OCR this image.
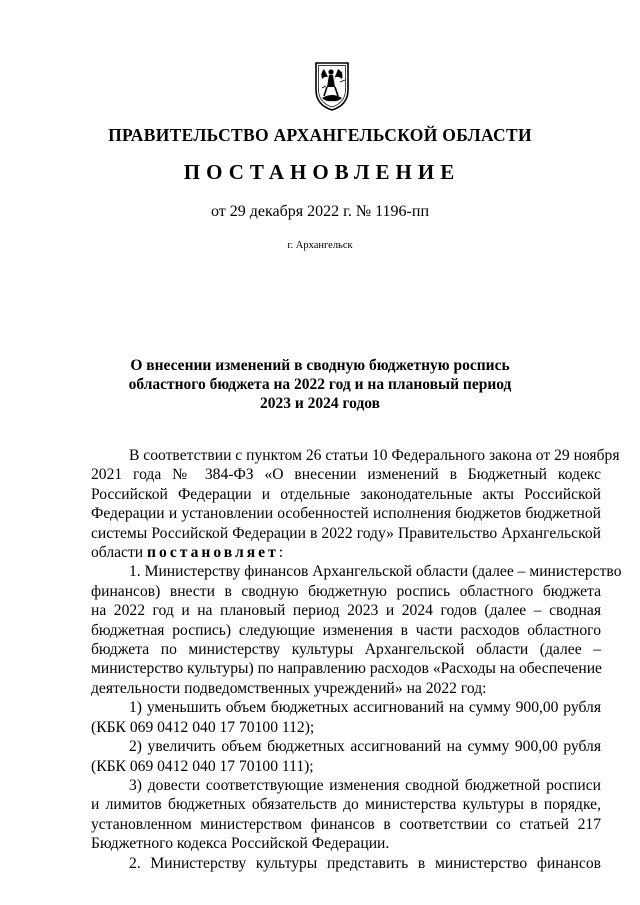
ПРАВИТЕЛЬСТВО АРХАНГЕЛЬСКОЙ ОБЛАСТИ
ПОСТАНОВЛЕНИЕ
от 29 декабря 2022 г. № 1196-пп
г. Архангельск
О внесении изменений в сводную бюджетную роспись
областного бюджета на 2022 год и на плановый период
2023 и 2024 годов
В соответствии с пунктом 26 статьи 10 Федерального закона от 29 ноября
2021 года № 384-ФЗ «О внесении изменений в Бюджетный кодекс
Российской Федерации и отдельные законодательные акты Российской
Федерации и установлении особенностей исполнения бюджетов бюджетной
системы Российской Федерации в 2022 году» Правительство Архангельской
области постановляет:
1. Министерству финансов Архангельской области (далее – министерство
финансов) внести в сводную бюджетную роспись областного бюджета
на 2022 год и на плановый период 2023 и 2024 годов (далее – сводная
бюджетная роспись) следующие изменения в части расходов областного
бюджета по министерству культуры Архангельской области (далее –
министерство культуры) по направлению расходов «Расходы на обеспечение
деятельности подведомственных учреждений» на 2022 год:
1) уменьшить объем бюджетных ассигнований на сумму 900,00 рубля
(КБК 069 0412 040 17 70100 112);
2) увеличить объем бюджетных ассигнований на сумму 900,00 рубля
(КБК 069 0412 040 17 70100 111);
3) довести соответствующие изменения сводной бюджетной росписи
и лимитов бюджетных обязательств до министерства культуры в порядке,
установленном министерством финансов в соответствии со статьей 217
Бюджетного кодекса Российской Федерации.
2. Министерству культуры представить в министерство финансов
